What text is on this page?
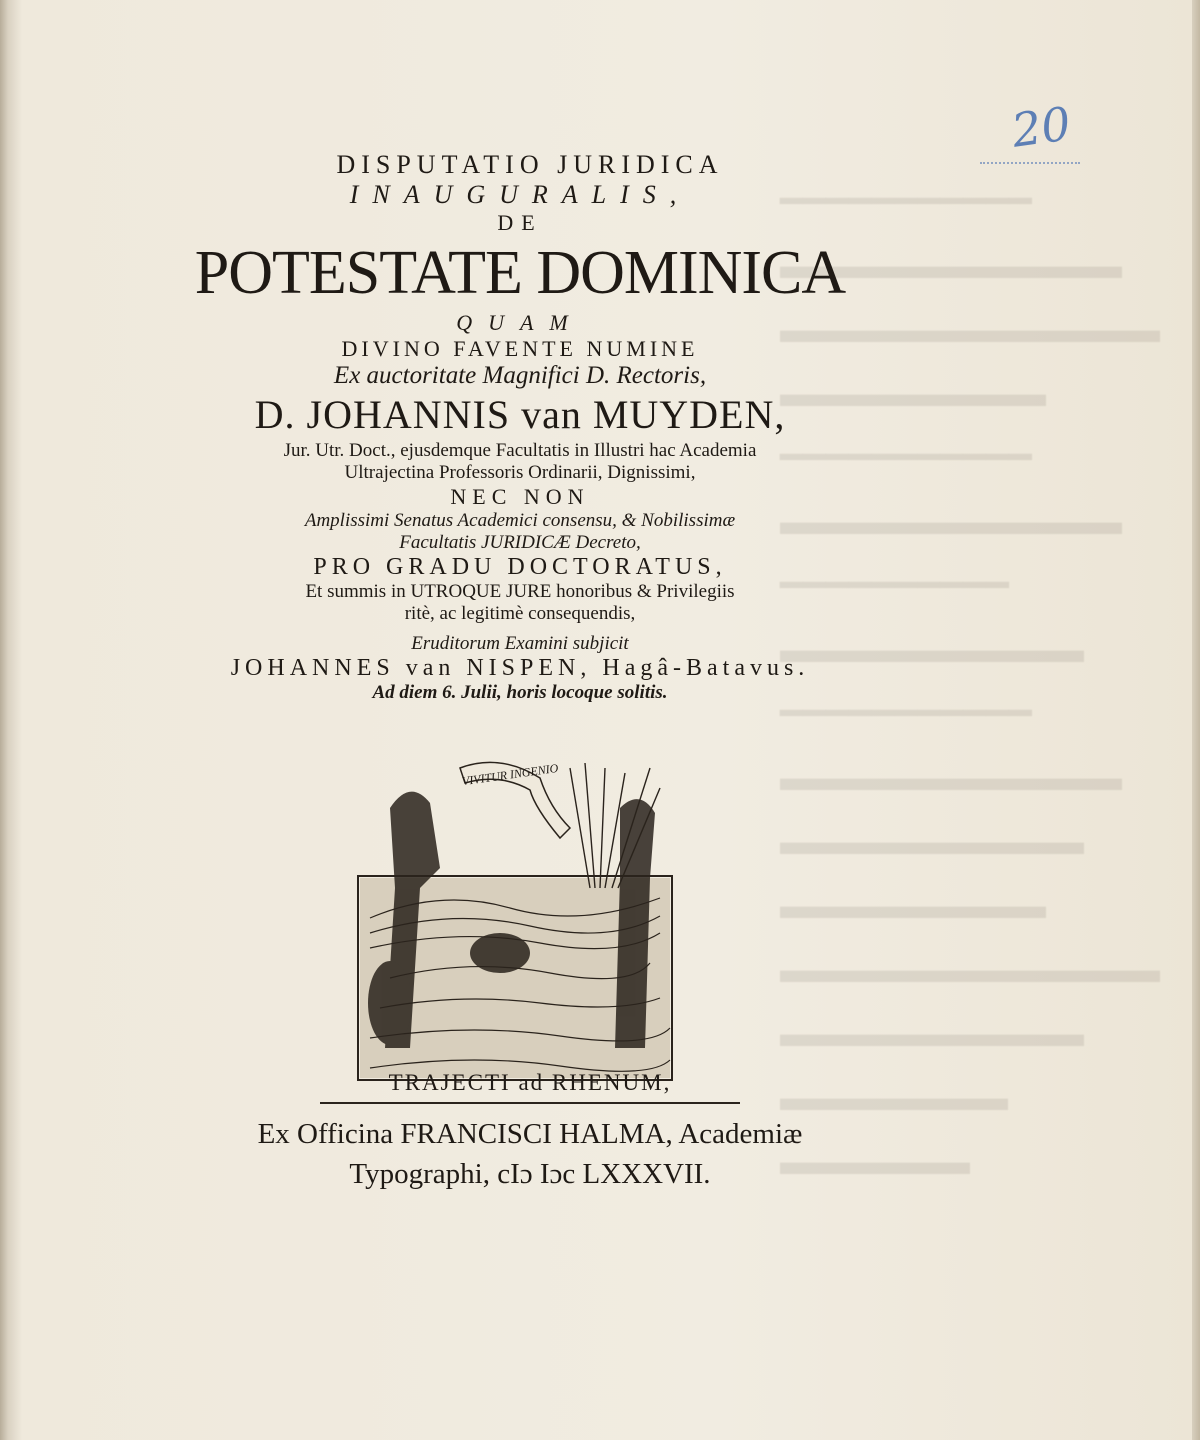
━━━━━━━━━━━
▬▬▬▬▬▬▬▬▬
▬▬▬▬▬▬▬▬▬▬
▬▬▬▬▬▬▬
━━━━━━━━━━━
▬▬▬▬▬▬▬▬▬
━━━━━━━━━━
▬▬▬▬▬▬▬▬
━━━━━━━━━━━
▬▬▬▬▬▬▬▬▬
▬▬▬▬▬▬▬▬
▬▬▬▬▬▬▬
▬▬▬▬▬▬▬▬▬▬
▬▬▬▬▬▬▬▬
▬▬▬▬▬▬
▬▬▬▬▬
20

DISPUTATIO JURIDICA

INAUGURALIS,

DE

POTESTATE DOMINICA

QUAM

DIVINO FAVENTE NUMINE

Ex auctoritate Magnifici D. Rectoris,

D. JOHANNIS van MUYDEN,

Jur. Utr. Doct., ejusdemque Facultatis in Illustri hac Academia

Ultrajectina Professoris Ordinarii, Dignissimi,

NEC NON

Amplissimi Senatus Academici consensu, & Nobilissimæ

Facultatis JURIDICÆ Decreto,

PRO GRADU DOCTORATUS,

Et summis in UTROQUE JURE honoribus & Privilegiis

ritè, ac legitimè consequendis,

Eruditorum Examini subjicit

JOHANNES van NISPEN, Hagâ-Batavus.

Ad diem 6. Julii, horis locoque solitis.

VIVITUR INGENIO

TRAJECTI ad RHENUM,

Ex Officina FRANCISCI HALMA, Academiæ

Typographi, cIɔ Iɔc LXXXVII.
